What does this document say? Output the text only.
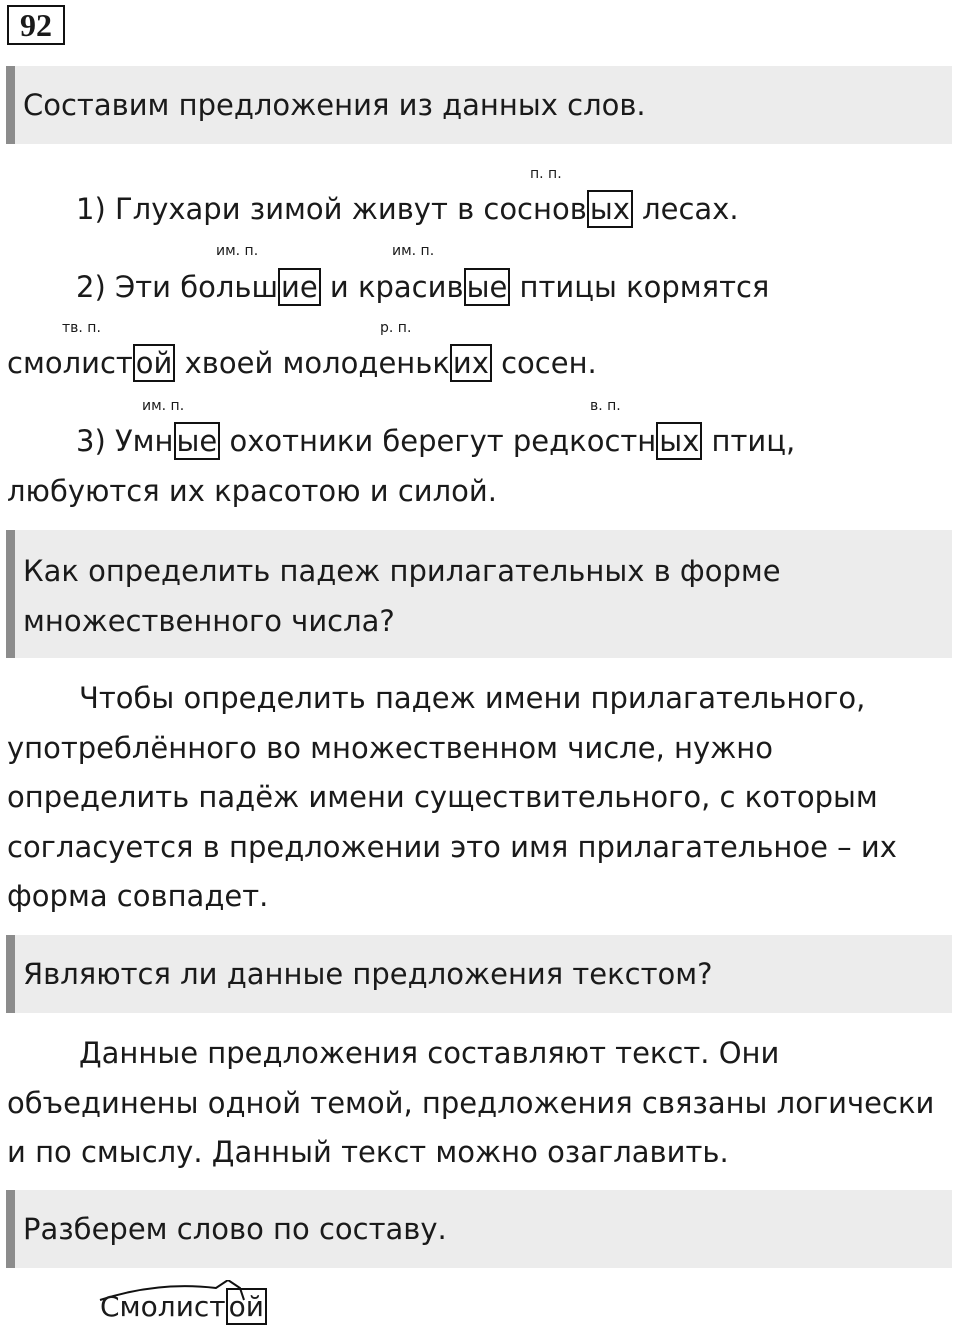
92
Составим предложения из данных слов.
п. п.
1) Глухари зимой живут в соснов ых лесах.
им. п.	им. п.
2) Эти больш ие и красив ые птицы кормятся
тв. п.	р. п.
смолист ой хвоей молоденьк их сосен.
им. п.	в. п.
3) Умн ые охотники берегут редкостн ых птиц,
любуются их красотою и силой.
Как определить падеж прилагательных в форме множественного числа?

Чтобы определить падеж имени прилагательного, употреблённого во множественном числе, нужно определить падёж имени существительного, с которым согласуется в предложении это имя прилагательное – их форма совпадет.

Являются ли данные предложения текстом?

Данные предложения составляют текст. Они объединены одной темой, предложения связаны логически и по смыслу. Данный текст можно озаглавить.

Разберем слово по составу.
Смолист ой
